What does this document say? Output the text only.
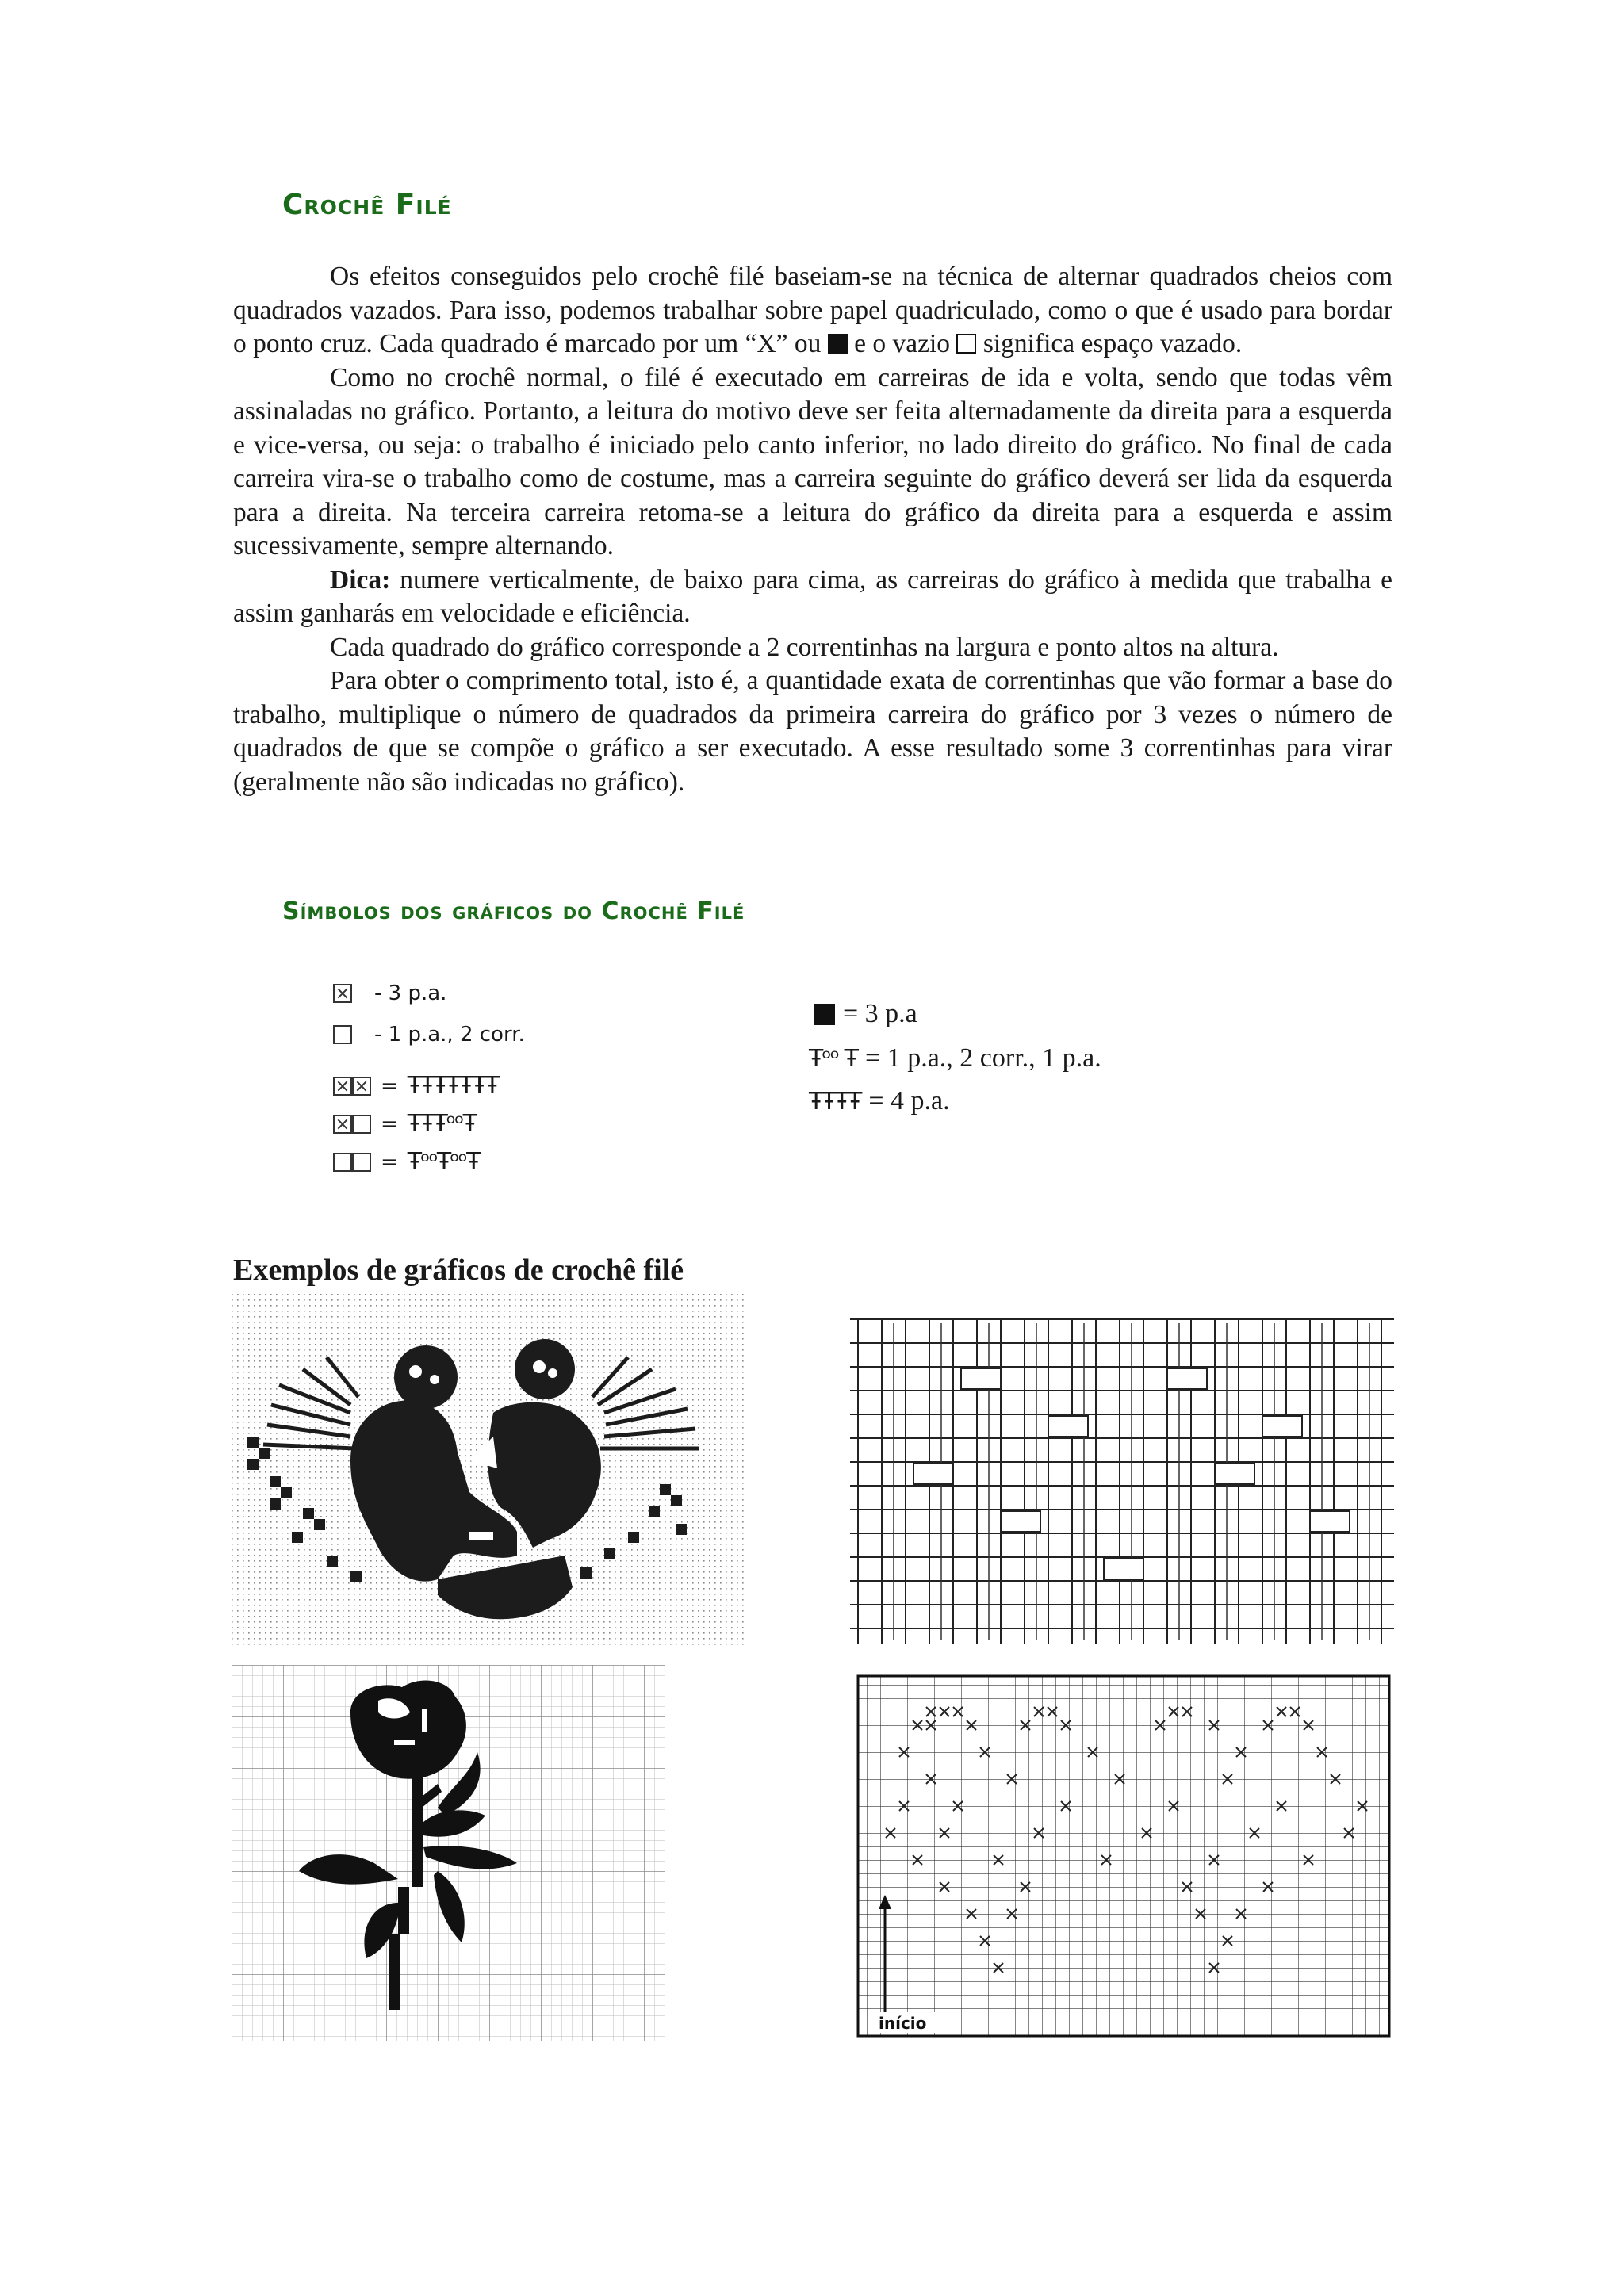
Crochê Filé

Os efeitos conseguidos pelo crochê filé baseiam-se na técnica de alternar quadrados cheios com quadrados vazados. Para isso, podemos trabalhar sobre papel quadriculado, como o que é usado para bordar o ponto cruz. Cada quadrado é marcado por um “X” ou e o vazio significa espaço vazado.

Como no crochê normal, o filé é executado em carreiras de ida e volta, sendo que todas vêm assinaladas no gráfico. Portanto, a leitura do motivo deve ser feita alternadamente da direita para a esquerda e vice-versa, ou seja: o trabalho é iniciado pelo canto inferior, no lado direito do gráfico. No final de cada carreira vira-se o trabalho como de costume, mas a carreira seguinte do gráfico deverá ser lida da esquerda para a direita. Na terceira carreira retoma-se a leitura do gráfico da direita para a esquerda e assim sucessivamente, sempre alternando.

Dica: numere verticalmente, de baixo para cima, as carreiras do gráfico à medida que trabalha e assim ganharás em velocidade e eficiência.

Cada quadrado do gráfico corresponde a 2 correntinhas na largura e ponto altos na altura.

Para obter o comprimento total, isto é, a quantidade exata de correntinhas que vão formar a base do trabalho, multiplique o número de quadrados da primeira carreira do gráfico por 3 vezes o número de quadrados de que se compõe o gráfico a ser executado. A esse resultado some 3 correntinhas para virar (geralmente não são indicadas no gráfico).

Símbolos dos gráficos do Crochê Filé
- 3 p.a.
- 1 p.a., 2 corr.
= ŦŦŦŦŦŦŦ
= ŦŦŦᵒᵒŦ
= ŦᵒᵒŦᵒᵒŦ
= 3 p.a
Ŧᵒᵒ Ŧ = 1 p.a., 2 corr., 1 p.a.
ŦŦŦŦ = 4 p.a.
Exemplos de gráficos de crochê filé
início
